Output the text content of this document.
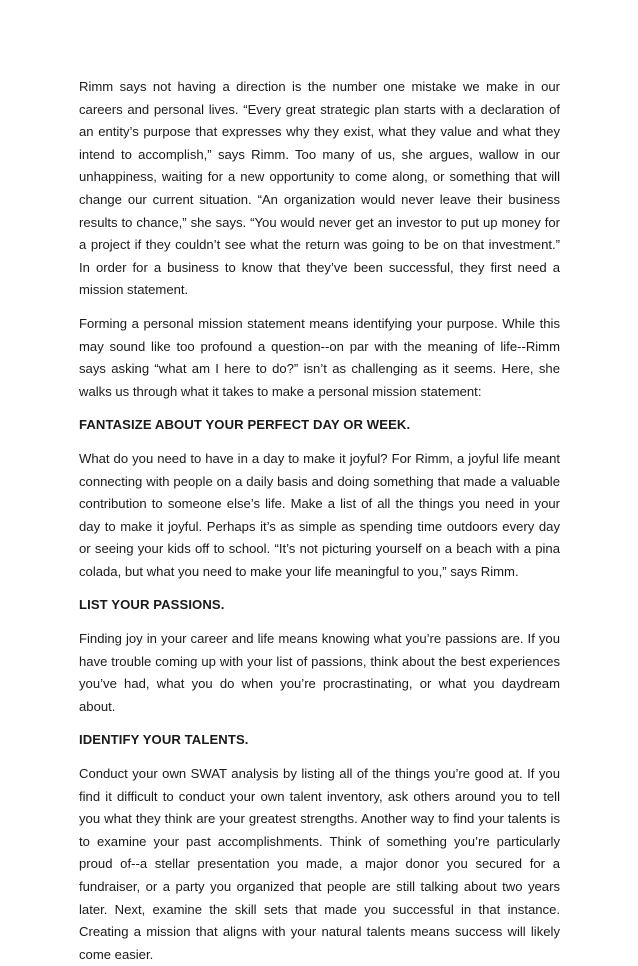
Rimm says not having a direction is the number one mistake we make in our careers and personal lives. “Every great strategic plan starts with a declaration of an entity’s purpose that expresses why they exist, what they value and what they intend to accomplish,” says Rimm. Too many of us, she argues, wallow in our unhappiness, waiting for a new opportunity to come along, or something that will change our current situation. “An organization would never leave their business results to chance,” she says. “You would never get an investor to put up money for a project if they couldn’t see what the return was going to be on that investment.” In order for a business to know that they’ve been successful, they first need a mission statement.

Forming a personal mission statement means identifying your purpose. While this may sound like too profound a question--on par with the meaning of life--Rimm says asking “what am I here to do?” isn’t as challenging as it seems. Here, she walks us through what it takes to make a personal mission statement:

FANTASIZE ABOUT YOUR PERFECT DAY OR WEEK.

What do you need to have in a day to make it joyful? For Rimm, a joyful life meant connecting with people on a daily basis and doing something that made a valuable contribution to someone else’s life. Make a list of all the things you need in your day to make it joyful. Perhaps it’s as simple as spending time outdoors every day or seeing your kids off to school. “It’s not picturing yourself on a beach with a pina colada, but what you need to make your life meaningful to you,” says Rimm.

LIST YOUR PASSIONS.

Finding joy in your career and life means knowing what you’re passions are. If you have trouble coming up with your list of passions, think about the best experiences you’ve had, what you do when you’re procrastinating, or what you daydream about.

IDENTIFY YOUR TALENTS.

Conduct your own SWAT analysis by listing all of the things you’re good at. If you find it difficult to conduct your own talent inventory, ask others around you to tell you what they think are your greatest strengths. Another way to find your talents is to examine your past accomplishments. Think of something you’re particularly proud of--a stellar presentation you made, a major donor you secured for a fundraiser, or a party you organized that people are still talking about two years later. Next, examine the skill sets that made you successful in that instance. Creating a mission that aligns with your natural talents means success will likely come easier.
